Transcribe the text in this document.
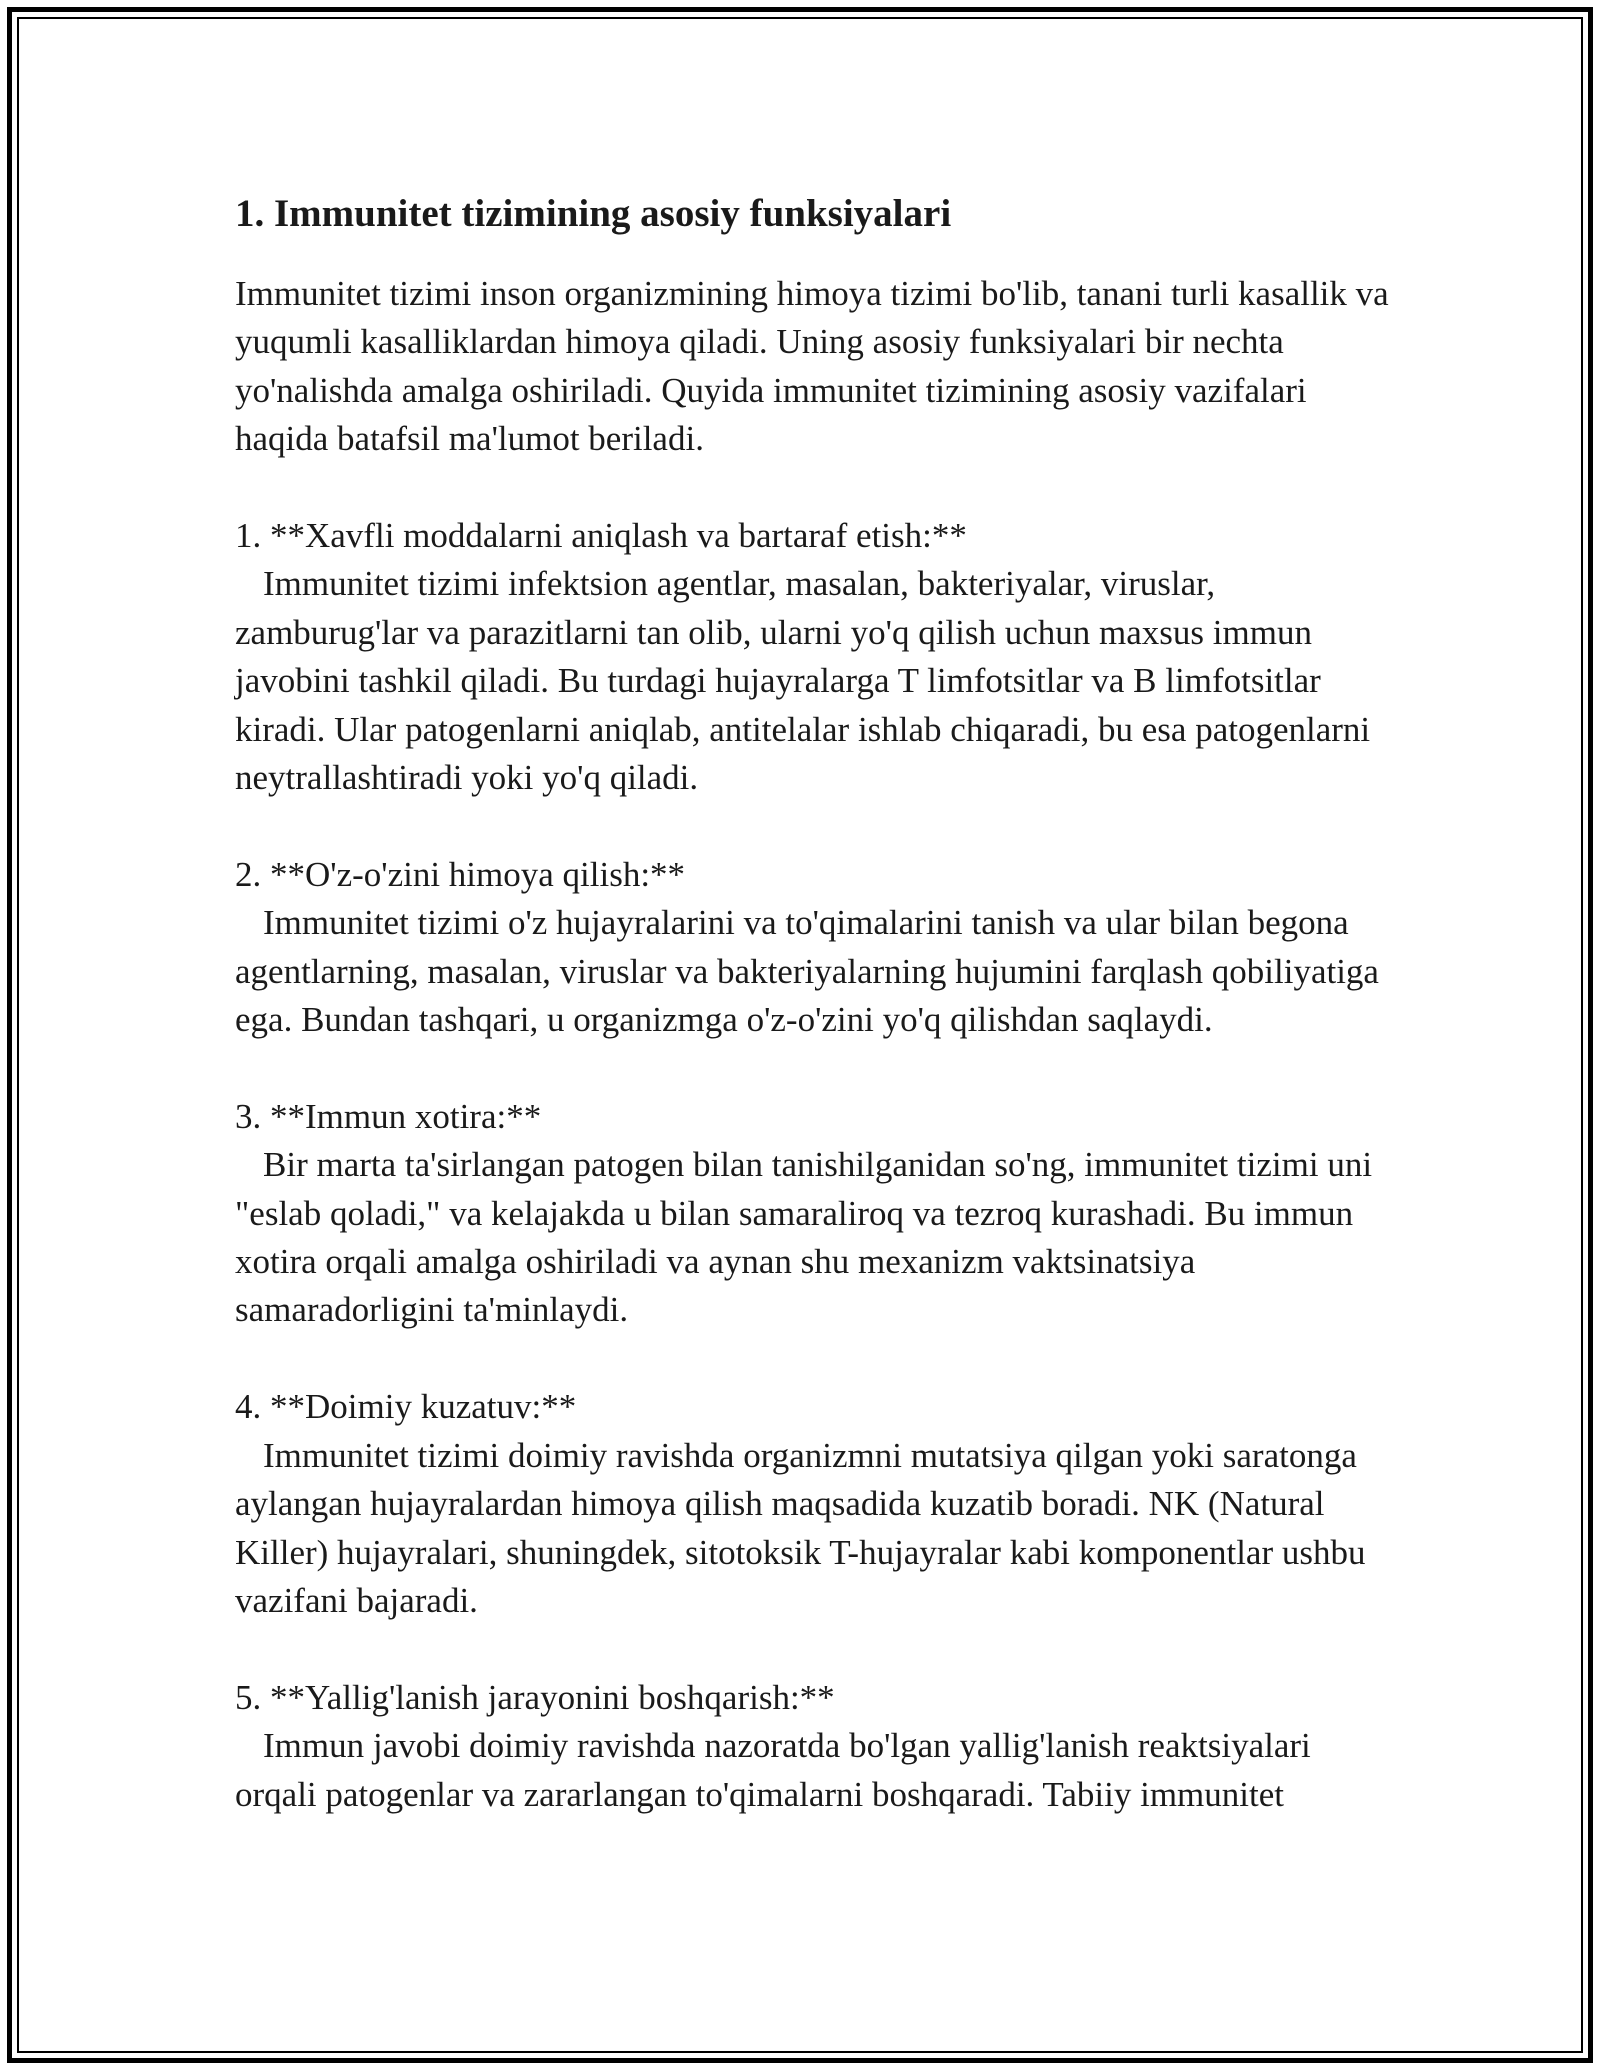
1. Immunitet tizimining asosiy funksiyalari

Immunitet tizimi inson organizmining himoya tizimi bo'lib, tanani turli kasallik va yuqumli kasalliklardan himoya qiladi. Uning asosiy funksiyalari bir nechta yo'nalishda amalga oshiriladi. Quyida immunitet tizimining asosiy vazifalari haqida batafsil ma'lumot beriladi.

1. **Xavfli moddalarni aniqlash va bartaraf etish:**

Immunitet tizimi infektsion agentlar, masalan, bakteriyalar, viruslar, zamburug'lar va parazitlarni tan olib, ularni yo'q qilish uchun maxsus immun javobini tashkil qiladi. Bu turdagi hujayralarga T limfotsitlar va B limfotsitlar kiradi. Ular patogenlarni aniqlab, antitelalar ishlab chiqaradi, bu esa patogenlarni neytrallashtiradi yoki yo'q qiladi.

2. **O'z-o'zini himoya qilish:**

Immunitet tizimi o'z hujayralarini va to'qimalarini tanish va ular bilan begona agentlarning, masalan, viruslar va bakteriyalarning hujumini farqlash qobiliyatiga ega. Bundan tashqari, u organizmga o'z-o'zini yo'q qilishdan saqlaydi.

3. **Immun xotira:**

Bir marta ta'sirlangan patogen bilan tanishilganidan so'ng, immunitet tizimi uni "eslab qoladi," va kelajakda u bilan samaraliroq va tezroq kurashadi. Bu immun xotira orqali amalga oshiriladi va aynan shu mexanizm vaktsinatsiya samaradorligini ta'minlaydi.

4. **Doimiy kuzatuv:**

Immunitet tizimi doimiy ravishda organizmni mutatsiya qilgan yoki saratonga aylangan hujayralardan himoya qilish maqsadida kuzatib boradi. NK (Natural Killer) hujayralari, shuningdek, sitotoksik T-hujayralar kabi komponentlar ushbu vazifani bajaradi.

5. **Yallig'lanish jarayonini boshqarish:**

Immun javobi doimiy ravishda nazoratda bo'lgan yallig'lanish reaktsiyalari orqali patogenlar va zararlangan to'qimalarni boshqaradi. Tabiiy immunitet
